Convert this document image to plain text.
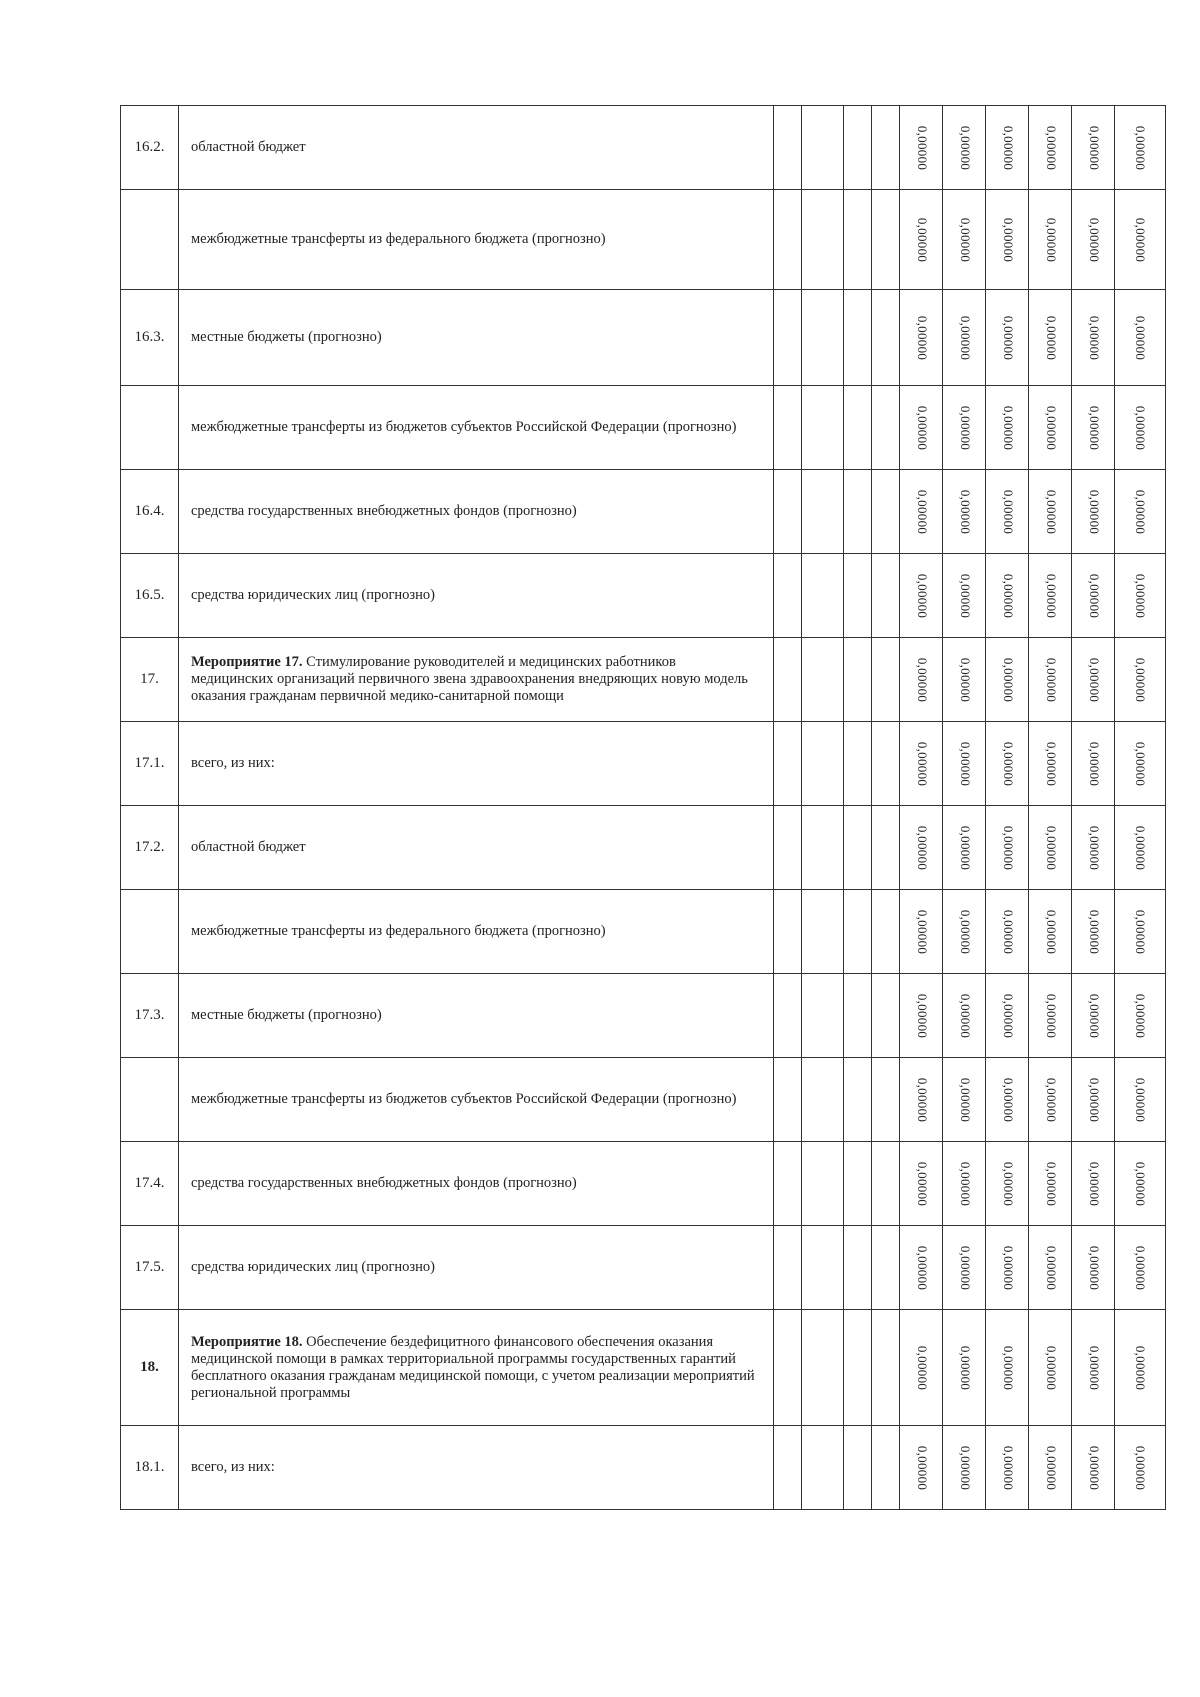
16.2.	областной бюджет					0,00000	0,00000	0,00000	0,00000	0,00000	0,00000
	межбюджетные трансферты из федерального бюджета (прогнозно)					0,00000	0,00000	0,00000	0,00000	0,00000	0,00000
16.3.	местные бюджеты (прогнозно)					0,00000	0,00000	0,00000	0,00000	0,00000	0,00000
	межбюджетные трансферты из бюджетов субъектов Российской Федерации (прогнозно)					0,00000	0,00000	0,00000	0,00000	0,00000	0,00000
16.4.	средства государственных внебюджетных фондов (прогнозно)					0,00000	0,00000	0,00000	0,00000	0,00000	0,00000
16.5.	средства юридических лиц (прогнозно)					0,00000	0,00000	0,00000	0,00000	0,00000	0,00000
17.	Мероприятие 17. Стимулирование руководителей и медицинских работников медицинских организаций первичного звена здравоохранения внедряющих новую модель оказания гражданам первичной медико-санитарной помощи					0,00000	0,00000	0,00000	0,00000	0,00000	0,00000
17.1.	всего, из них:					0,00000	0,00000	0,00000	0,00000	0,00000	0,00000
17.2.	областной бюджет					0,00000	0,00000	0,00000	0,00000	0,00000	0,00000
	межбюджетные трансферты из федерального бюджета (прогнозно)					0,00000	0,00000	0,00000	0,00000	0,00000	0,00000
17.3.	местные бюджеты (прогнозно)					0,00000	0,00000	0,00000	0,00000	0,00000	0,00000
	межбюджетные трансферты из бюджетов субъектов Российской Федерации (прогнозно)					0,00000	0,00000	0,00000	0,00000	0,00000	0,00000
17.4.	средства государственных внебюджетных фондов (прогнозно)					0,00000	0,00000	0,00000	0,00000	0,00000	0,00000
17.5.	средства юридических лиц (прогнозно)					0,00000	0,00000	0,00000	0,00000	0,00000	0,00000
18.	Мероприятие 18. Обеспечение бездефицитного финансового обеспечения оказания медицинской помощи в рамках территориальной программы государственных гарантий бесплатного оказания гражданам медицинской помощи, с учетом реализации мероприятий региональной программы					0,00000	0,00000	0,00000	0,00000	0,00000	0,00000
18.1.	всего, из них:					0,00000	0,00000	0,00000	0,00000	0,00000	0,00000
